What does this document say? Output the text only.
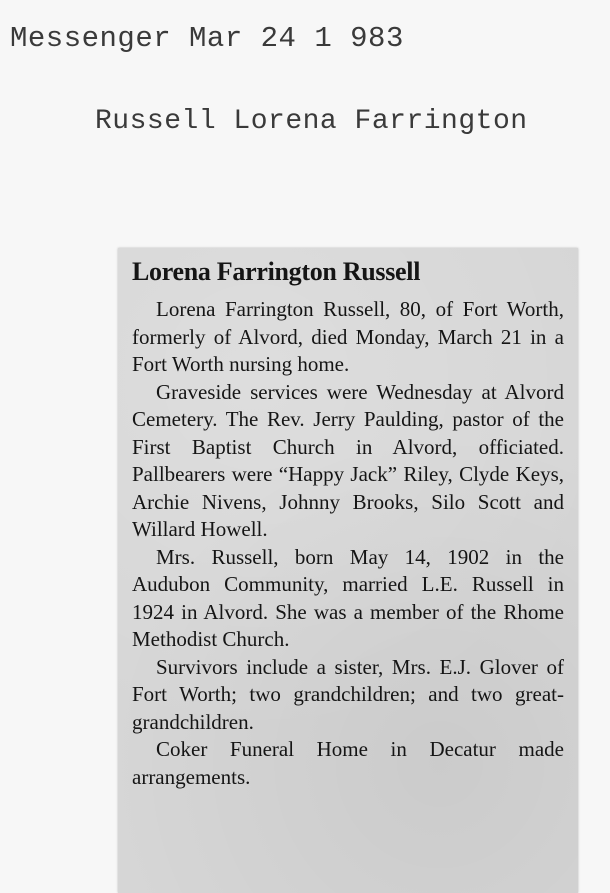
Messenger Mar 24 1 983
Russell Lorena Farrington
Lorena Farrington Russell

Lorena Farrington Russell, 80, of Fort Worth, formerly of Alvord, died Monday, March 21 in a Fort Worth nursing home.

Graveside services were Wednesday at Alvord Cemetery. The Rev. Jerry Paulding, pastor of the First Baptist Church in Alvord, officiated. Pallbearers were “Happy Jack” Riley, Clyde Keys, Archie Nivens, Johnny Brooks, Silo Scott and Willard Howell.

Mrs. Russell, born May 14, 1902 in the Audubon Community, married L.E. Russell in 1924 in Alvord. She was a member of the Rhome Methodist Church.

Survivors include a sister, Mrs. E.J. Glover of Fort Worth; two grandchildren; and two great-grandchildren.

Coker Funeral Home in Decatur made arrangements.
